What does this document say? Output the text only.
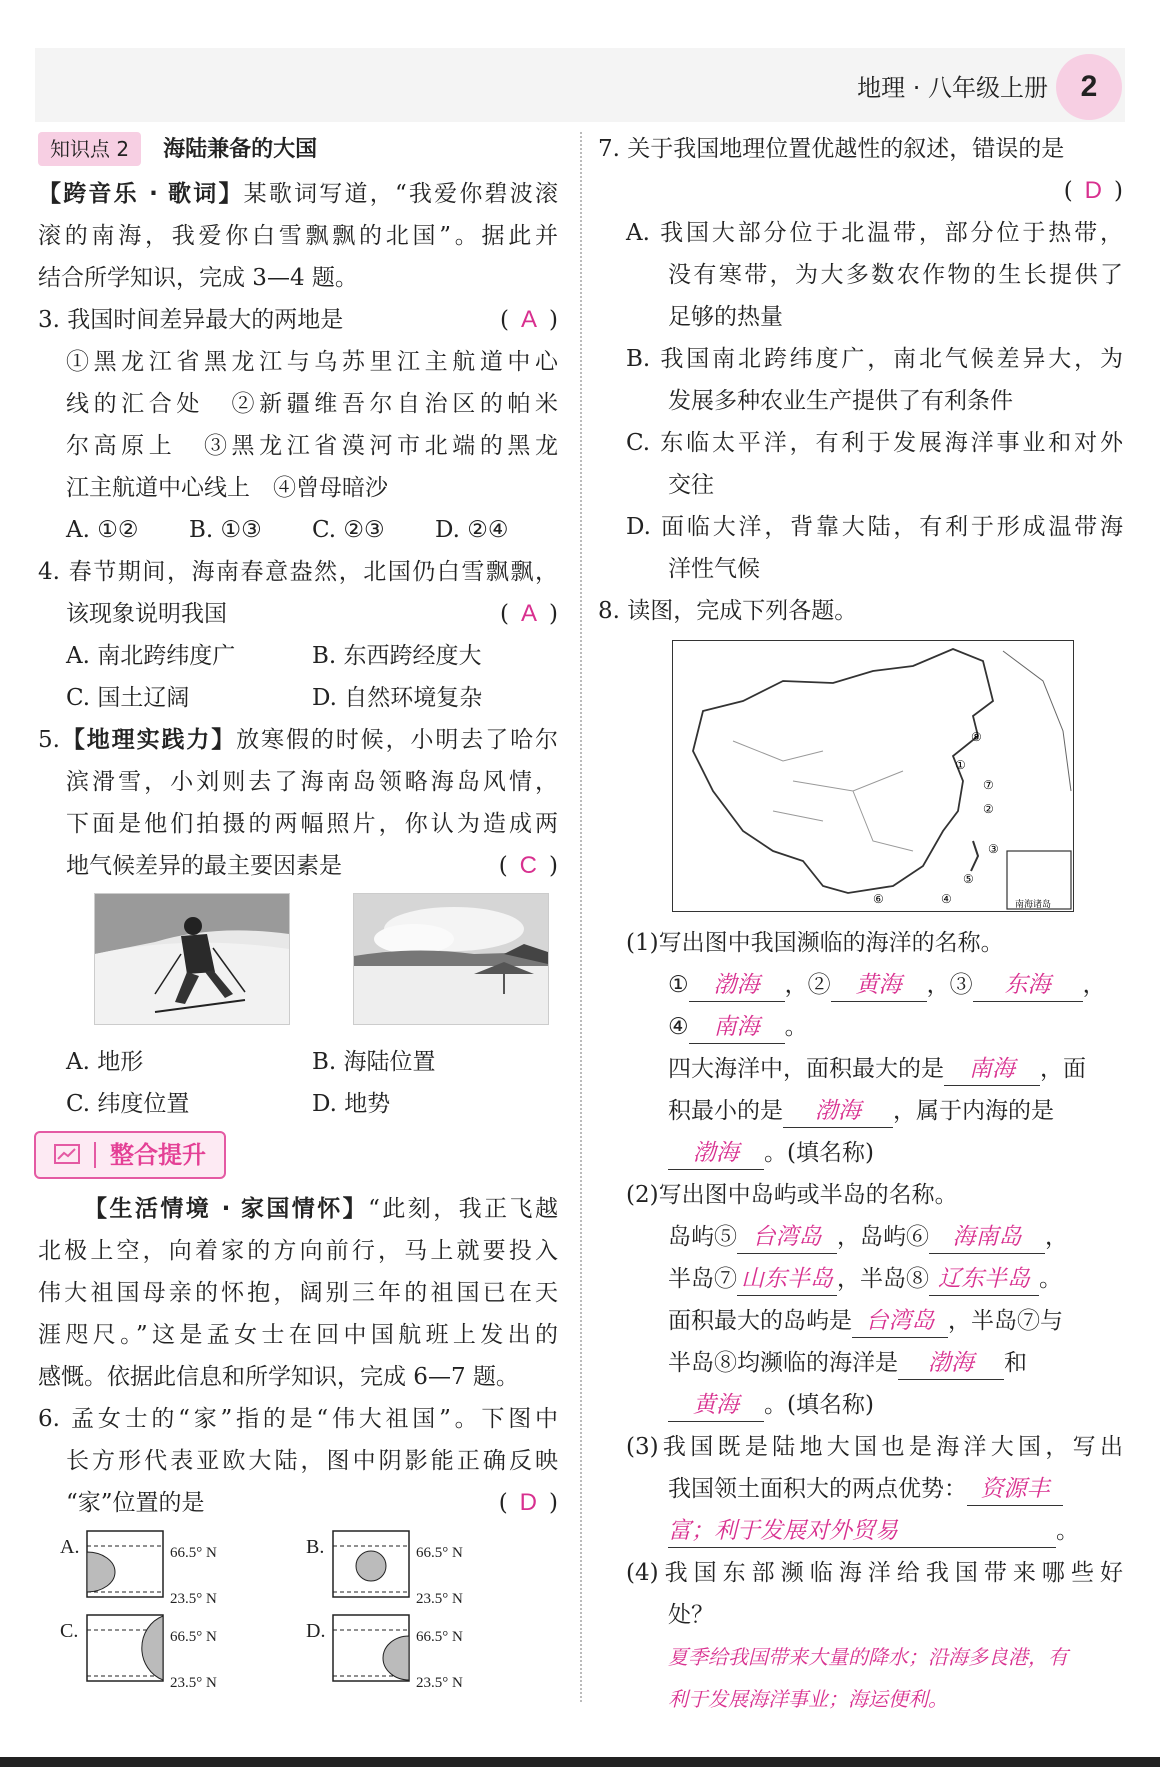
地理 · 八年级上册	2
知识点 2 海陆兼备的大国
【跨音乐 · 歌词】某歌词写道，“我爱你碧波滚
滚的南海，我爱你白雪飘飘的北国”。据此并
结合所学知识，完成 3—4 题。
3. 我国时间差异最大的两地是	( A )
①黑龙江省黑龙江与乌苏里江主航道中心
线的汇合处　②新疆维吾尔自治区的帕米
尔高原上　③黑龙江省漠河市北端的黑龙
江主航道中心线上　④曾母暗沙
A. ①②	B. ①③	C. ②③	D. ②④
4. 春节期间，海南春意盎然，北国仍白雪飘飘，
该现象说明我国	( A )
A. 南北跨纬度广	B. 东西跨经度大
C. 国土辽阔	D. 自然环境复杂
5.【地理实践力】放寒假的时候，小明去了哈尔
滨滑雪，小刘则去了海南岛领略海岛风情，
下面是他们拍摄的两幅照片，你认为造成两
地气候差异的最主要因素是	( C )

A. 地形	B. 海陆位置
C. 纬度位置	D. 地势
整合提升
【生活情境 · 家国情怀】“此刻，我正飞越
北极上空，向着家的方向前行，马上就要投入
伟大祖国母亲的怀抱，阔别三年的祖国已在天
涯咫尺。”这是孟女士在回中国航班上发出的
感慨。依据此信息和所学知识，完成 6—7 题。
6. 孟女士的“家”指的是“伟大祖国”。下图中
长方形代表亚欧大陆，图中阴影能正确反映
“家”位置的是	( D )
A.	66.5° N
23.5° N
B.	66.5° N
23.5° N
C.	66.5° N
23.5° N
D.	66.5° N
23.5° N
7. 关于我国地理位置优越性的叙述，错误的是
( D )
A. 我国大部分位于北温带，部分位于热带，
没有寒带，为大多数农作物的生长提供了
足够的热量
B. 我国南北跨纬度广，南北气候差异大，为
发展多种农业生产提供了有利条件
C. 东临太平洋，有利于发展海洋事业和对外
交往
D. 面临大洋，背靠大陆，有利于形成温带海
洋性气候
8. 读图，完成下列各题。
⑧
①
⑦
②
③
⑤
④
⑥	南海诸岛
(1)写出图中我国濒临的海洋的名称。
① 渤海 ，② 黄海 ，③ 东海 ，
④ 南海 。
四大海洋中，面积最大的是 南海 ，面
积最小的是 渤海 ，属于内海的是
渤海 。(填名称)
(2)写出图中岛屿或半岛的名称。
岛屿⑤ 台湾岛 ，岛屿⑥ 海南岛 ，
半岛⑦ 山东半岛 ，半岛⑧ 辽东半岛 。
面积最大的岛屿是 台湾岛 ，半岛⑦与
半岛⑧均濒临的海洋是 渤海 和
黄海 。(填名称)
(3)我国既是陆地大国也是海洋大国，写出
我国领土面积大的两点优势： 资源丰
富；利于发展对外贸易	。
(4)我国东部濒临海洋给我国带来哪些好
处？
夏季给我国带来大量的降水；沿海多良港，有
利于发展海洋事业；海运便利。
